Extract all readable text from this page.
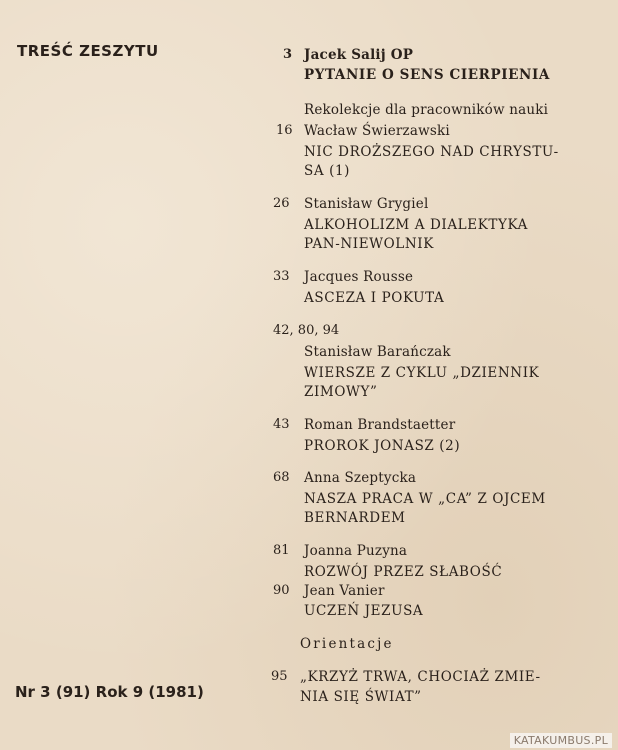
TREŚĆ ZESZYTU	3 Jacek Salij OP
PYTANIE O SENS CIERPIENIA
Rekolekcje dla pracowników nauki
16 Wacław Świerzawski
NIC DROŻSZEGO NAD CHRYSTU-
SA (1)
26 Stanisław Grygiel
ALKOHOLIZM A DIALEKTYKA
PAN-NIEWOLNIK
33 Jacques Rousse
ASCEZA I POKUTA
42, 80, 94
Stanisław Barańczak
WIERSZE Z CYKLU „DZIENNIK
ZIMOWY”
43 Roman Brandstaetter
PROROK JONASZ (2)
68 Anna Szeptycka
NASZA PRACA W „CA” Z OJCEM
BERNARDEM
81 Joanna Puzyna
ROZWÓJ PRZEZ SŁABOŚĆ
90 Jean Vanier
UCZEŃ JEZUSA
Orientacje
95 „KRZYŻ TRWA, CHOCIAŻ ZMIE-
NIA SIĘ ŚWIAT”
Nr 3 (91) Rok 9 (1981)
KATAKUMBUS.PL
